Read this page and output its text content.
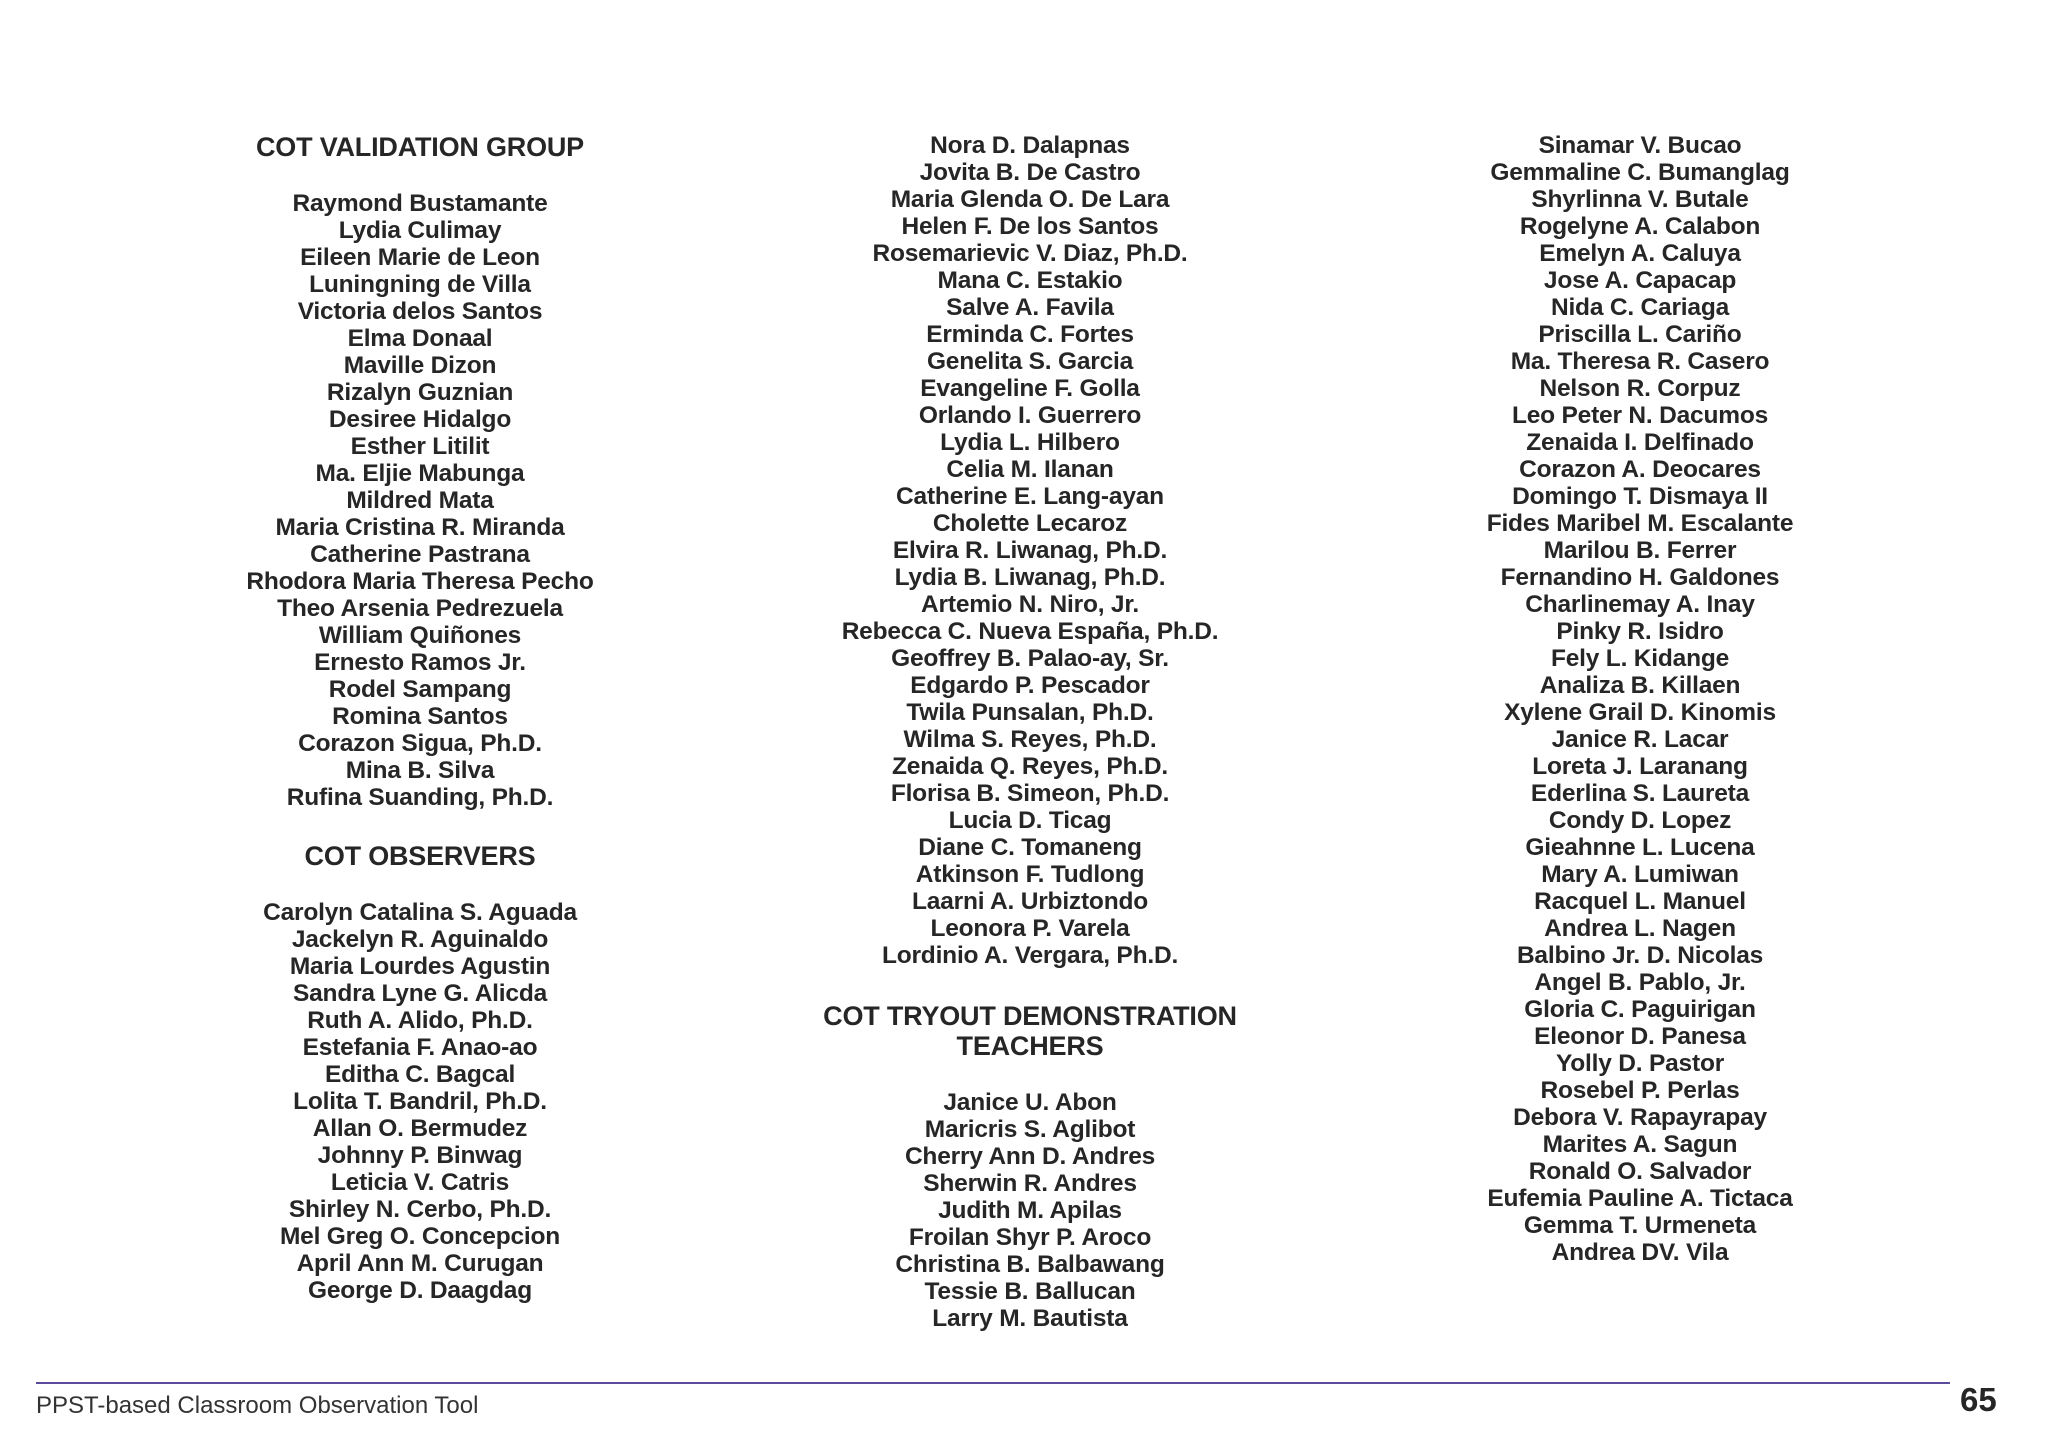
COT VALIDATION GROUP
Raymond Bustamante
Lydia Culimay
Eileen Marie de Leon
Luningning de Villa
Victoria delos Santos
Elma Donaal
Maville Dizon
Rizalyn Guznian
Desiree Hidalgo
Esther Litilit
Ma. Eljie Mabunga
Mildred Mata
Maria Cristina R. Miranda
Catherine Pastrana
Rhodora Maria Theresa Pecho
Theo Arsenia Pedrezuela
William Quiñones
Ernesto Ramos Jr.
Rodel Sampang
Romina Santos
Corazon Sigua, Ph.D.
Mina B. Silva
Rufina Suanding, Ph.D.
COT OBSERVERS
Carolyn Catalina S. Aguada
Jackelyn R. Aguinaldo
Maria Lourdes Agustin
Sandra Lyne G. Alicda
Ruth A. Alido, Ph.D.
Estefania F. Anao-ao
Editha C. Bagcal
Lolita T. Bandril, Ph.D.
Allan O. Bermudez
Johnny P. Binwag
Leticia V. Catris
Shirley N. Cerbo, Ph.D.
Mel Greg O. Concepcion
April Ann M. Curugan
George D. Daagdag
Nora D. Dalapnas
Jovita B. De Castro
Maria Glenda O. De Lara
Helen F. De los Santos
Rosemarievic V. Diaz, Ph.D.
Mana C. Estakio
Salve A. Favila
Erminda C. Fortes
Genelita S. Garcia
Evangeline F. Golla
Orlando I. Guerrero
Lydia L. Hilbero
Celia M. Ilanan
Catherine E. Lang-ayan
Cholette Lecaroz
Elvira R. Liwanag, Ph.D.
Lydia B. Liwanag, Ph.D.
Artemio N. Niro, Jr.
Rebecca C. Nueva España, Ph.D.
Geoffrey B. Palao-ay, Sr.
Edgardo P. Pescador
Twila Punsalan, Ph.D.
Wilma S. Reyes, Ph.D.
Zenaida Q. Reyes, Ph.D.
Florisa B. Simeon, Ph.D.
Lucia D. Ticag
Diane C. Tomaneng
Atkinson F. Tudlong
Laarni A. Urbiztondo
Leonora P. Varela
Lordinio A. Vergara, Ph.D.
COT TRYOUT DEMONSTRATION TEACHERS
Janice U. Abon
Maricris S. Aglibot
Cherry Ann D. Andres
Sherwin R. Andres
Judith M. Apilas
Froilan Shyr P. Aroco
Christina B. Balbawang
Tessie B. Ballucan
Larry M. Bautista
Sinamar V. Bucao
Gemmaline C. Bumanglag
Shyrlinna V. Butale
Rogelyne A. Calabon
Emelyn A. Caluya
Jose A. Capacap
Nida C. Cariaga
Priscilla L. Cariño
Ma. Theresa R. Casero
Nelson R. Corpuz
Leo Peter N. Dacumos
Zenaida I. Delfinado
Corazon A. Deocares
Domingo T. Dismaya II
Fides Maribel M. Escalante
Marilou B. Ferrer
Fernandino H. Galdones
Charlinemay A. Inay
Pinky R. Isidro
Fely L. Kidange
Analiza B. Killaen
Xylene Grail D. Kinomis
Janice R. Lacar
Loreta J. Laranang
Ederlina S. Laureta
Condy D. Lopez
Gieahnne L. Lucena
Mary A. Lumiwan
Racquel L. Manuel
Andrea L. Nagen
Balbino Jr. D. Nicolas
Angel B. Pablo, Jr.
Gloria C. Paguirigan
Eleonor D. Panesa
Yolly D. Pastor
Rosebel P. Perlas
Debora V. Rapayrapay
Marites A. Sagun
Ronald O. Salvador
Eufemia Pauline A. Tictaca
Gemma T. Urmeneta
Andrea DV. Vila
PPST-based Classroom Observation Tool	65
